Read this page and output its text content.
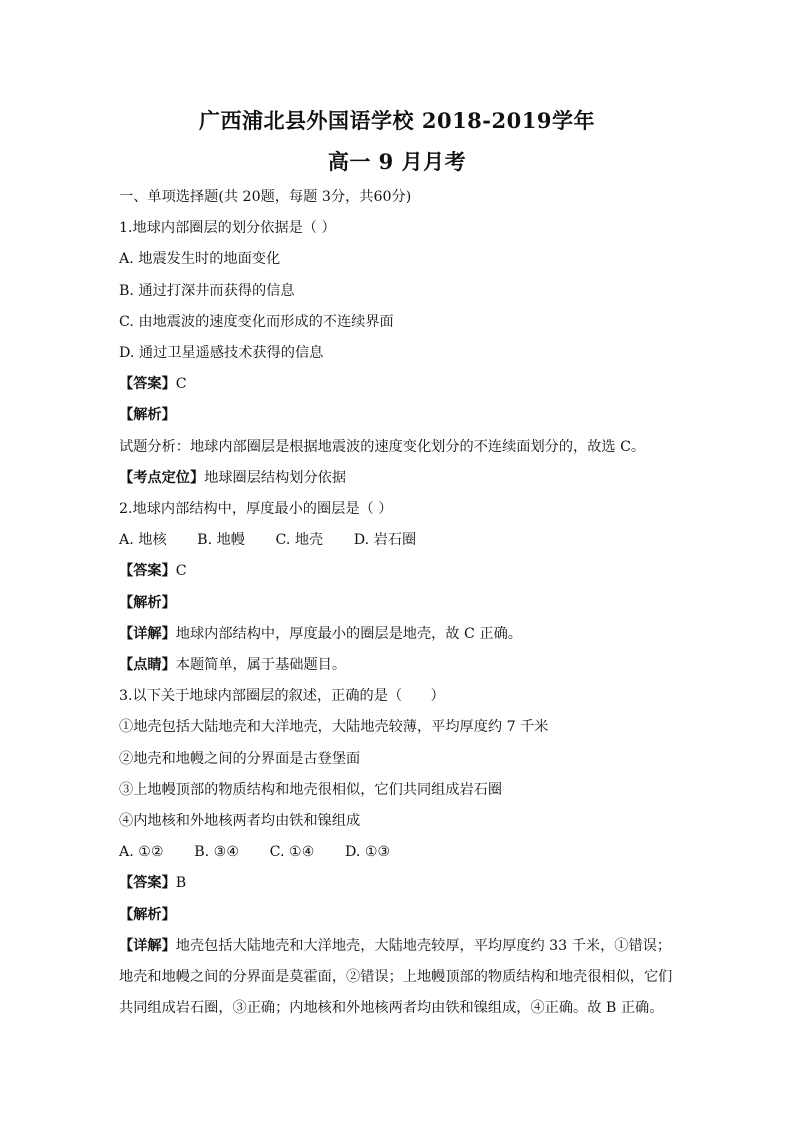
广西浦北县外国语学校 2018-2019学年
高一 9 月月考
一、单项选择题(共 20题，每题 3分，共60分)
1.地球内部圈层的划分依据是（ ）
A. 地震发生时的地面变化
B. 通过打深井而获得的信息
C. 由地震波的速度变化而形成的不连续界面
D. 通过卫星遥感技术获得的信息
【答案】C
【解析】
试题分析：地球内部圈层是根据地震波的速度变化划分的不连续面划分的，故选 C。
【考点定位】地球圈层结构划分依据
2.地球内部结构中，厚度最小的圈层是（ ）
A. 地核 B. 地幔 C. 地壳 D. 岩石圈
【答案】C
【解析】
【详解】地球内部结构中，厚度最小的圈层是地壳，故 C 正确。
【点睛】本题简单，属于基础题目。
3.以下关于地球内部圈层的叙述，正确的是（　　）
①地壳包括大陆地壳和大洋地壳，大陆地壳较薄，平均厚度约 7 千米
②地壳和地幔之间的分界面是古登堡面
③上地幔顶部的物质结构和地壳很相似，它们共同组成岩石圈
④内地核和外地核两者均由铁和镍组成
A. ①② B. ③④ C. ①④ D. ①③
【答案】B
【解析】
【详解】地壳包括大陆地壳和大洋地壳，大陆地壳较厚，平均厚度约 33 千米，①错误；地壳和地幔之间的分界面是莫霍面，②错误；上地幔顶部的物质结构和地壳很相似，它们共同组成岩石圈，③正确；内地核和外地核两者均由铁和镍组成，④正确。故 B 正确。
